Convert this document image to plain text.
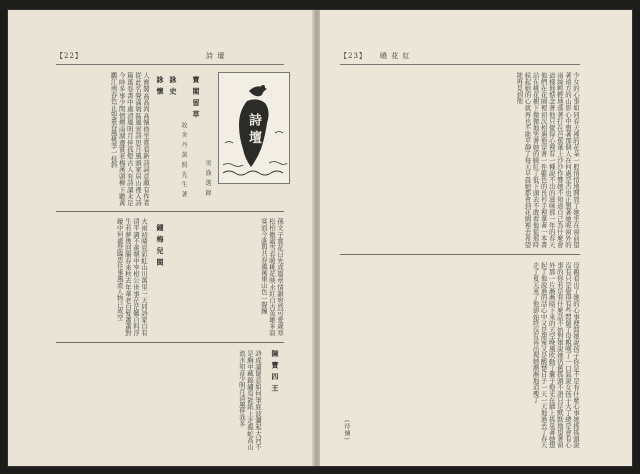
【22】	詩 壇
詩 壇
雪 漁 選 錄
寶 閣 留 草
故 舍 丹 黃 照 先 生 著
詠 史
詠 懷
人寶閣高高尚高懷倚坐嘗看新詩詞意頗有作者從此名聲滿寰區風雲詩思月風頭家居山裡入詩篇萬卷書中處清風明月伴孤燈古人有詩讀未足今時多事少閑情煙雨湖邊賞老梅溪頭柳下聽黃鸝江南春色正如畫春風桃李一枝斜
孫文子賞花日先成篇章情韻宛然可愛歲寒松柏傲霜雪春暖桃花映水紅自古英雄多寂寞而今誰與共春風萬重山色一聲鐘
鍾 梅 兒 閩
大雨初晴見彩虹山川萬里一天同詩家自有清平調不羨朝中宰相公世事茫茫難自料浮生若夢幾回腸春來秋去年華老白髮蕭蕭對鏡中何處登臨思往事風流人物已成空
陳 寶 四 王
詩成讀罷意如何筆底波瀾起大河不是胸中藏錦繡焉能紙上走龍蛇高山流水知音少明月清風伴我多
【23】 曉 花 紅
少女的心事如同春天裡的花朵一般悄悄地開放了她坐在窗前望著遠方的山影心中想著那個人在何處是否也正想著她呢窗外的雨絲輕輕地落著打在芭蕉葉上沙沙作響她不知道自己為什麼會這樣地惦念著他只覺得心裡有一種說不出的滋味那一年的春天他們在花園裡初次相遇他穿著一件藍色的長衫手裡拿著一本書站在桃花樹下微微地笑著她的臉紅了低下頭去不敢看他從那時候起她的心就再也不能平靜了每天早晨她都會到花園裡去希望能再見到他
母親看出了她的心事便問她說孩子你是不是有什麼心事她搖搖頭說沒有只是覺得有些悶罷了母親嘆了一口氣說女孩子大了總是會有心事的你若是有什麼話不妨對娘說她仍舊搖頭不語只是默默地望著窗外那一片漸漸暗下來的天空晚風吹動了簾子燈光在牆上搖晃著她想起了他說過的話心中又是甜蜜又是酸楚日子一天一天地過去了春天走了夏天來了他卻始終沒有再出現她漸漸地消瘦了
(待續)
